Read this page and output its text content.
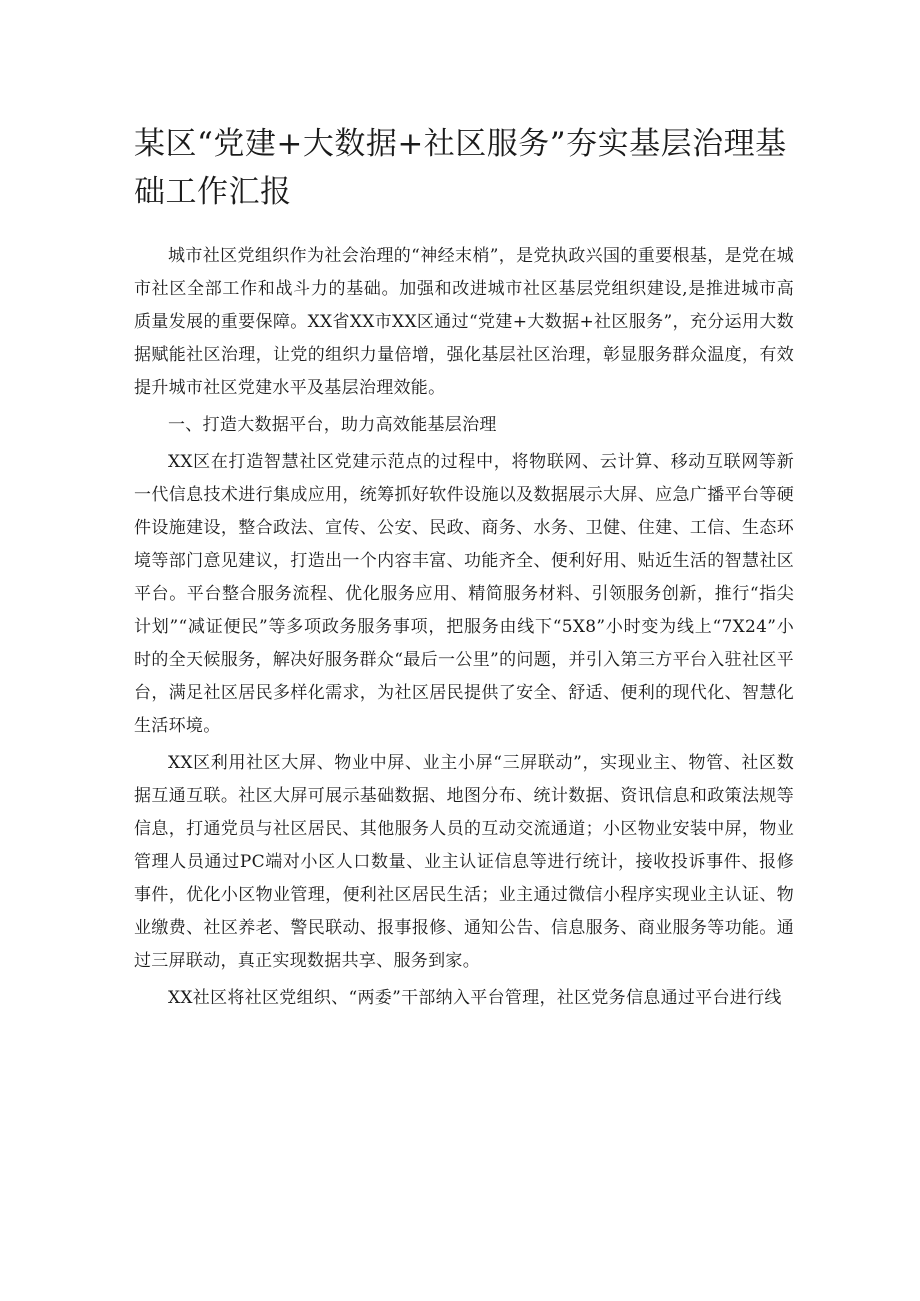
某区“党建+大数据+社区服务”夯实基层治理基础工作汇报

城市社区党组织作为社会治理的“神经末梢”，是党执政兴国的重要根基，是党在城市社区全部工作和战斗力的基础。加强和改进城市社区基层党组织建设,是推进城市高质量发展的重要保障。XX省XX市XX区通过“党建+大数据+社区服务”，充分运用大数据赋能社区治理，让党的组织力量倍增，强化基层社区治理，彰显服务群众温度，有效提升城市社区党建水平及基层治理效能。

一、打造大数据平台，助力高效能基层治理

XX区在打造智慧社区党建示范点的过程中，将物联网、云计算、移动互联网等新一代信息技术进行集成应用，统筹抓好软件设施以及数据展示大屏、应急广播平台等硬件设施建设，整合政法、宣传、公安、民政、商务、水务、卫健、住建、工信、生态环境等部门意见建议，打造出一个内容丰富、功能齐全、便利好用、贴近生活的智慧社区平台。平台整合服务流程、优化服务应用、精简服务材料、引领服务创新，推行“指尖计划”“减证便民”等多项政务服务事项，把服务由线下“5X8”小时变为线上“7X24”小时的全天候服务，解决好服务群众“最后一公里”的问题，并引入第三方平台入驻社区平台，满足社区居民多样化需求，为社区居民提供了安全、舒适、便利的现代化、智慧化生活环境。

XX区利用社区大屏、物业中屏、业主小屏“三屏联动”，实现业主、物管、社区数据互通互联。社区大屏可展示基础数据、地图分布、统计数据、资讯信息和政策法规等信息，打通党员与社区居民、其他服务人员的互动交流通道；小区物业安装中屏，物业管理人员通过PC端对小区人口数量、业主认证信息等进行统计，接收投诉事件、报修事件，优化小区物业管理，便利社区居民生活；业主通过微信小程序实现业主认证、物业缴费、社区养老、警民联动、报事报修、通知公告、信息服务、商业服务等功能。通过三屏联动，真正实现数据共享、服务到家。

XX社区将社区党组织、“两委”干部纳入平台管理，社区党务信息通过平台进行线
